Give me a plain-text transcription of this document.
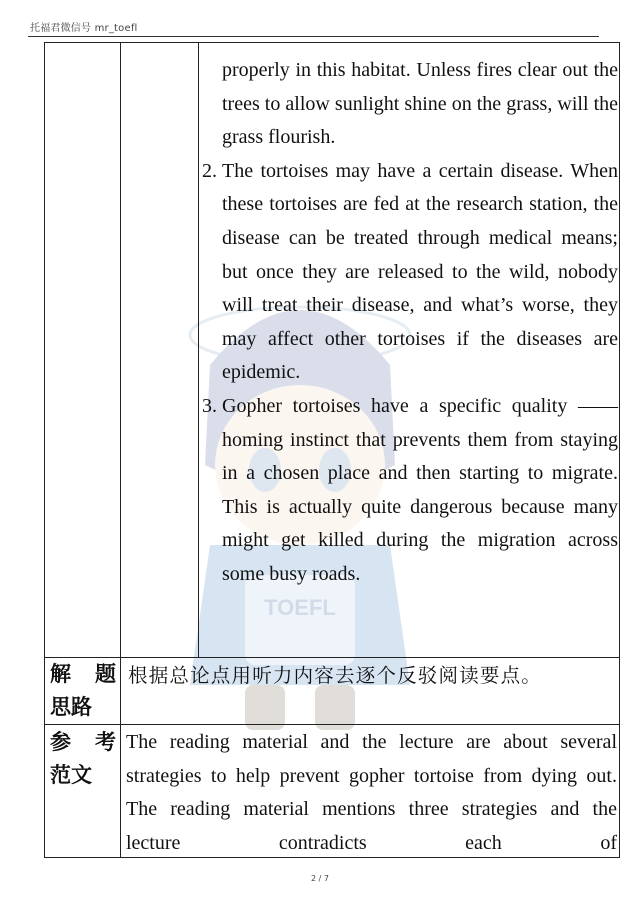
托福君微信号 mr_toefl
TOEFL
properly in this habitat. Unless fires clear out the trees to allow sunlight shine on the grass, will the grass flourish.
2. The tortoises may have a certain disease. When these tortoises are fed at the research station, the disease can be treated through medical means; but once they are released to the wild, nobody will treat their disease, and what’s worse, they may affect other tortoises if the diseases are epidemic.
3. Gopher tortoises have a specific quality —— homing instinct that prevents them from staying in a chosen place and then starting to migrate. This is actually quite dangerous because many might get killed during the migration across some busy roads.
解 题
思路
根据总论点用听力内容去逐个反驳阅读要点。
参 考
范文
The reading material and the lecture are about several strategies to help prevent gopher tortoise from dying out. The reading material mentions three strategies and the lecture contradicts each of
2 / 7
